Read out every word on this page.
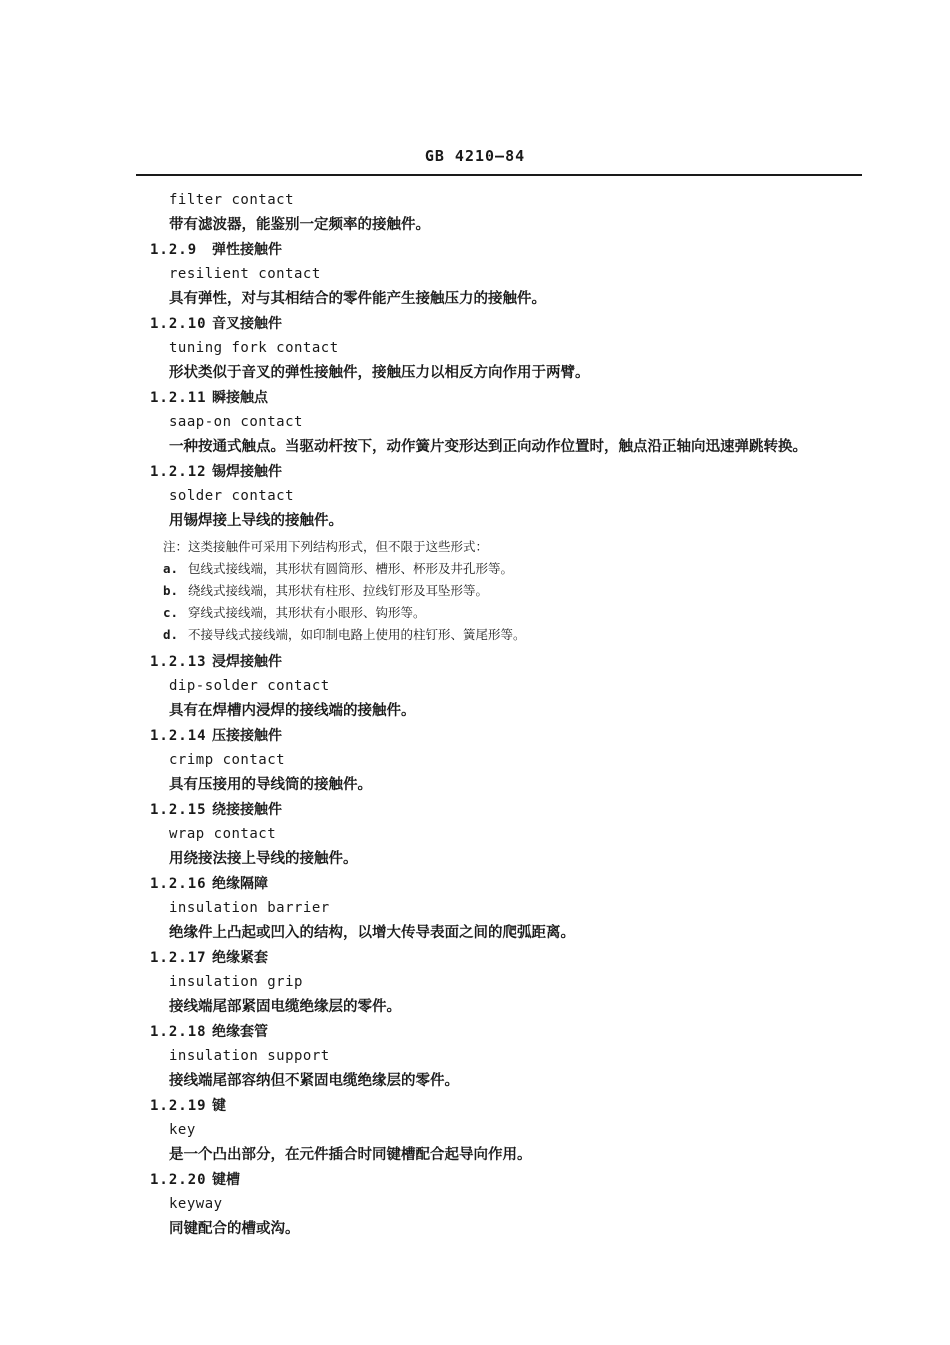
GB 4210—84
filter contact
带有滤波器，能鉴别一定频率的接触件。
1.2.9 弹性接触件
resilient contact
具有弹性，对与其相结合的零件能产生接触压力的接触件。
1.2.10 音叉接触件
tuning fork contact
形状类似于音叉的弹性接触件，接触压力以相反方向作用于两臂。
1.2.11 瞬接触点
saap-on contact
一种按通式触点。当驱动杆按下，动作簧片变形达到正向动作位置时，触点沿正轴向迅速弹跳转换。
1.2.12 锡焊接触件
solder contact
用锡焊接上导线的接触件。
注：这类接触件可采用下列结构形式，但不限于这些形式：
a. 包线式接线端，其形状有圆筒形、槽形、杯形及井孔形等。
b. 绕线式接线端，其形状有柱形、拉线钉形及耳坠形等。
c. 穿线式接线端，其形状有小眼形、钩形等。
d. 不接导线式接线端，如印制电路上使用的柱钉形、簧尾形等。
1.2.13 浸焊接触件
dip-solder contact
具有在焊槽内浸焊的接线端的接触件。
1.2.14 压接接触件
crimp contact
具有压接用的导线筒的接触件。
1.2.15 绕接接触件
wrap contact
用绕接法接上导线的接触件。
1.2.16 绝缘隔障
insulation barrier
绝缘件上凸起或凹入的结构，以增大传导表面之间的爬弧距离。
1.2.17 绝缘紧套
insulation grip
接线端尾部紧固电缆绝缘层的零件。
1.2.18 绝缘套管
insulation support
接线端尾部容纳但不紧固电缆绝缘层的零件。
1.2.19 键
key
是一个凸出部分，在元件插合时同键槽配合起导向作用。
1.2.20 键槽
keyway
同键配合的槽或沟。
